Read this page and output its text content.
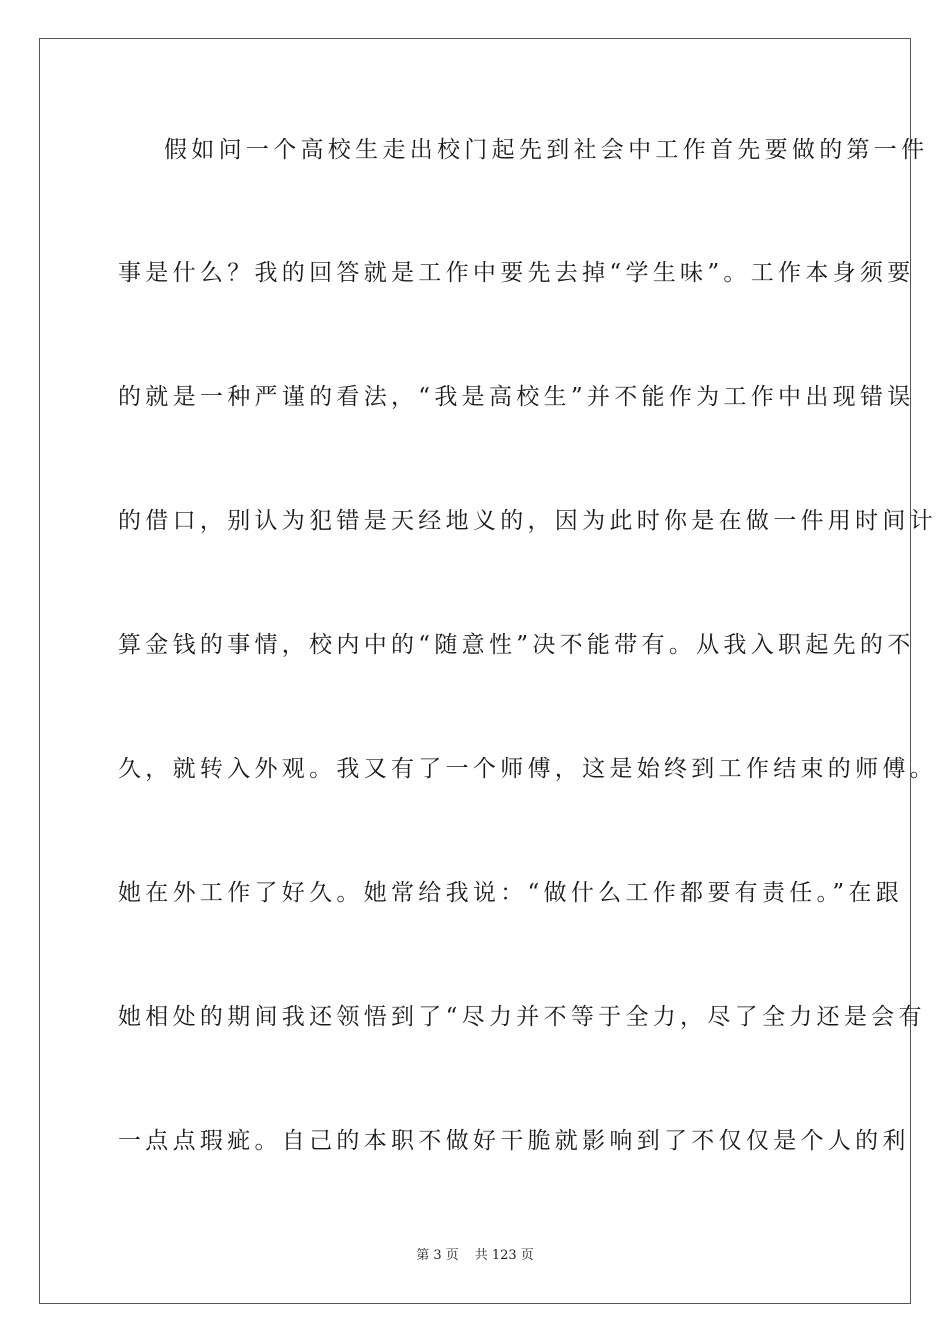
假如问一个高校生走出校门起先到社会中工作首先要做的第一件
事是什么？我的回答就是工作中要先去掉“学生味”。工作本身须要
的就是一种严谨的看法，“我是高校生”并不能作为工作中出现错误
的借口，别认为犯错是天经地义的，因为此时你是在做一件用时间计
算金钱的事情，校内中的“随意性”决不能带有。从我入职起先的不
久，就转入外观。我又有了一个师傅，这是始终到工作结束的师傅。
她在外工作了好久。她常给我说：“做什么工作都要有责任。”在跟
她相处的期间我还领悟到了“尽力并不等于全力，尽了全力还是会有
一点点瑕疵。自己的本职不做好干脆就影响到了不仅仅是个人的利
第 3 页 共 123 页
